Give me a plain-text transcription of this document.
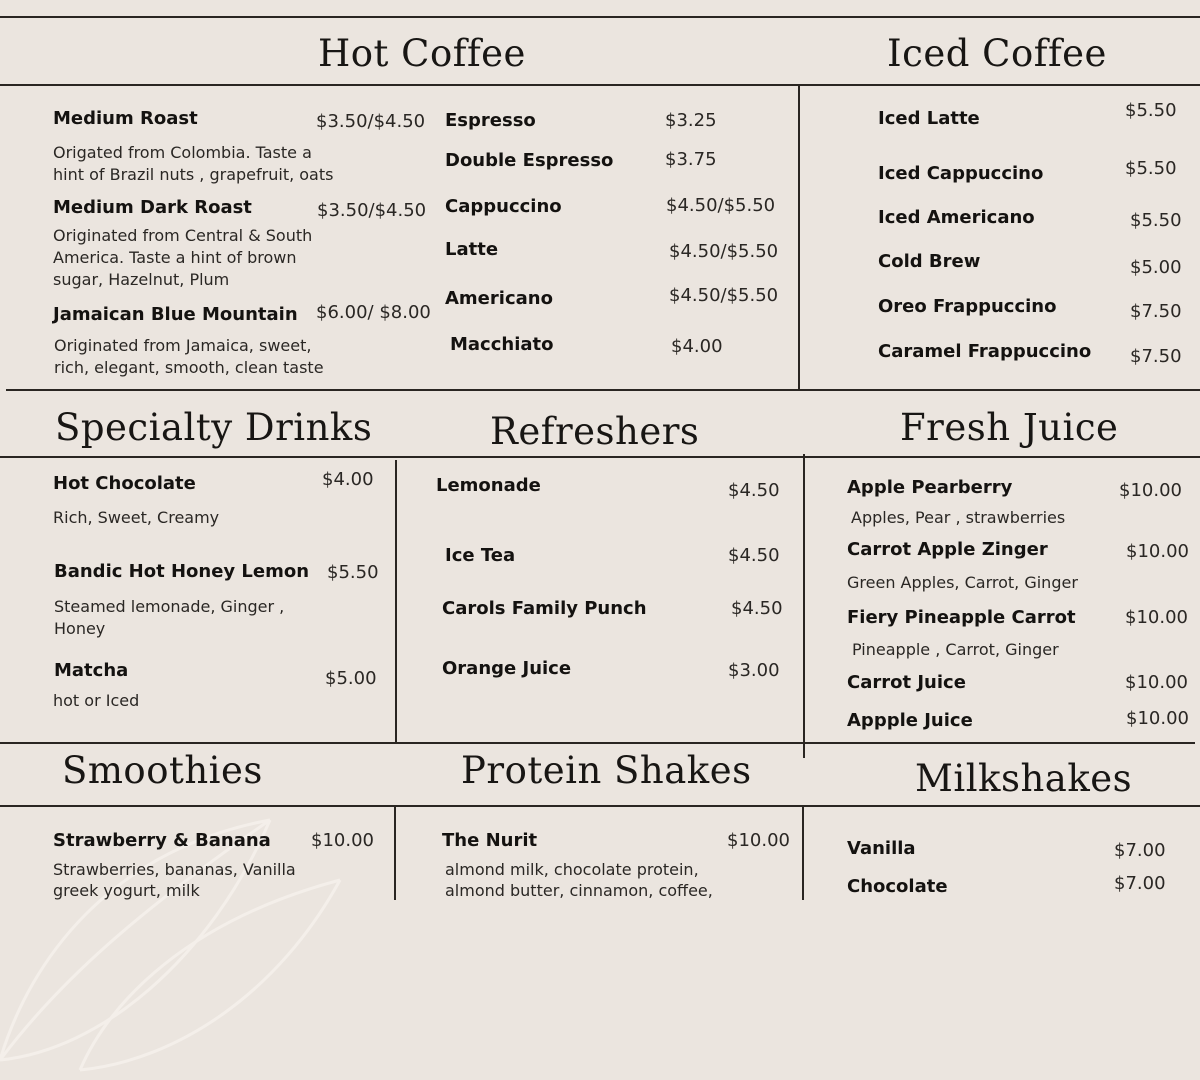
Hot Coffee

Medium Roast	$3.50/$4.50

Origated from Colombia. Taste a

hint of Brazil nuts , grapefruit, oats

Medium Dark Roast	$3.50/$4.50

Originated from Central & South

America. Taste a hint of brown

sugar, Hazelnut, Plum

Jamaican Blue Mountain $6.00/ $8.00

Originated from Jamaica, sweet,

rich, elegant, smooth, clean taste

Espresso	$3.25

Double Espresso	$3.75

Cappuccino	$4.50/$5.50

Latte	$4.50/$5.50

Americano	$4.50/$5.50

Macchiato	$4.00

Iced Coffee

Iced Latte	$5.50

Iced Cappuccino	$5.50

Iced Americano	$5.50

Cold Brew	$5.00

Oreo Frappuccino	$7.50

Caramel Frappuccino $7.50

Specialty Drinks

Hot Chocolate	$4.00

Rich, Sweet, Creamy

Bandic Hot Honey Lemon $5.50

Steamed lemonade, Ginger ,

Honey

Matcha	$5.00

hot or Iced

Refreshers

Lemonade	$4.50

Ice Tea	$4.50

Carols Family Punch	$4.50

Orange Juice	$3.00

Fresh Juice

Apple Pearberry	$10.00

Apples, Pear , strawberries

Carrot Apple Zinger	$10.00

Green Apples, Carrot, Ginger

Fiery Pineapple Carrot	$10.00

Pineapple , Carrot, Ginger

Carrot Juice	$10.00

Appple Juice	$10.00

Smoothies

Strawberry & Banana $10.00

Strawberries, bananas, Vanilla

greek yogurt, milk

Protein Shakes

The Nurit	$10.00

almond milk, chocolate protein,

almond butter, cinnamon, coffee,

Milkshakes

Vanilla	$7.00

Chocolate	$7.00
